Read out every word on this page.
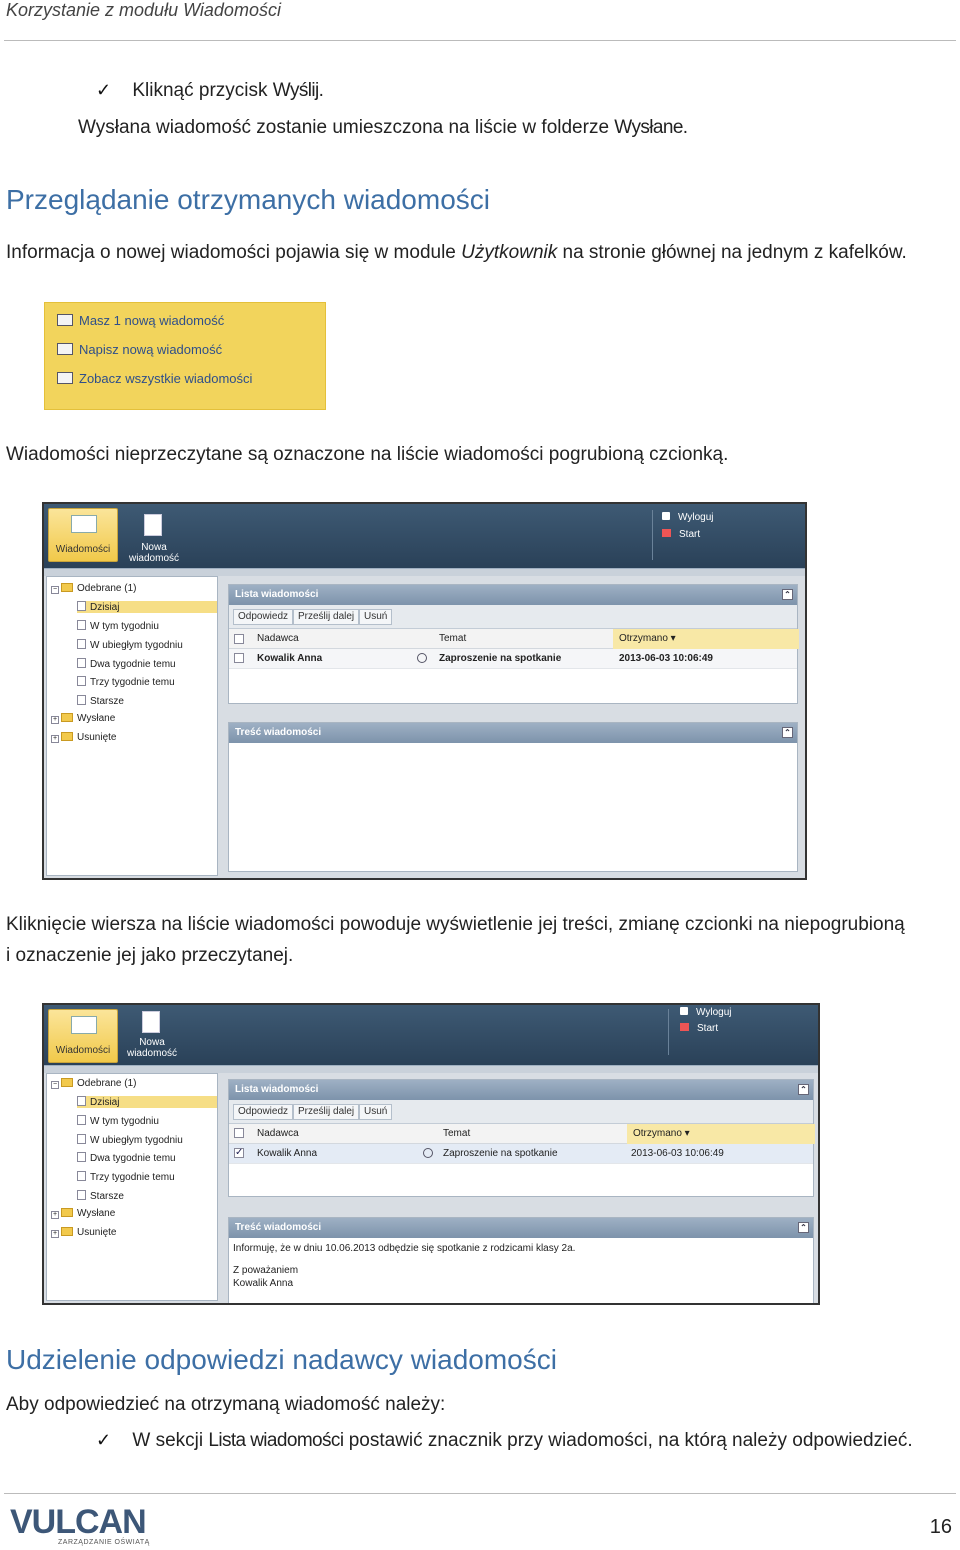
Korzystanie z modułu Wiadomości
✓ Kliknąć przycisk Wyślij.
Wysłana wiadomość zostanie umieszczona na liście w folderze Wysłane.
Przeglądanie otrzymanych wiadomości
Informacja o nowej wiadomości pojawia się w module Użytkownik na stronie głównej na jednym z kafelków.
Masz 1 nową wiadomość
Napisz nową wiadomość
Zobacz wszystkie wiadomości
Wiadomości nieprzeczytane są oznaczone na liście wiadomości pogrubioną czcionką.
Wiadomości	Nowa
wiadomość
Wyloguj
Start
− Odebrane (1)
Dzisiaj
W tym tygodniu
W ubiegłym tygodniu
Dwa tygodnie temu
Trzy tygodnie temu
Starsze
+ Wysłane
+ Usunięte
Lista wiadomości	⌃
Odpowiedz Prześlij dalej Usuń
Nadawca	Temat	Otrzymano ▾
Kowalik Anna	Zaproszenie na spotkanie	2013-06-03 10:06:49
Treść wiadomości	⌃
Kliknięcie wiersza na liście wiadomości powoduje wyświetlenie jej treści, zmianę czcionki na niepogrubioną
i oznaczenie jej jako przeczytanej.
Wiadomości
Nowa
wiadomość
Wyloguj
Start
− Odebrane (1)
Dzisiaj
W tym tygodniu
W ubiegłym tygodniu
Dwa tygodnie temu
Trzy tygodnie temu
Starsze
+ Wysłane
+ Usunięte
Lista wiadomości	⌃
Odpowiedz Prześlij dalej Usuń
Nadawca	Temat	Otrzymano ▾
✓ Kowalik Anna	Zaproszenie na spotkanie	2013-06-03 10:06:49
Treść wiadomości	⌃
Informuję, że w dniu 10.06.2013 odbędzie się spotkanie z rodzicami klasy 2a.
Z poważaniem
Kowalik Anna
Udzielenie odpowiedzi nadawcy wiadomości
Aby odpowiedzieć na otrzymaną wiadomość należy:
✓ W sekcji Lista wiadomości postawić znacznik przy wiadomości, na którą należy odpowiedzieć.
VULCAN
ZARZĄDZANIE OŚWIATĄ
16
